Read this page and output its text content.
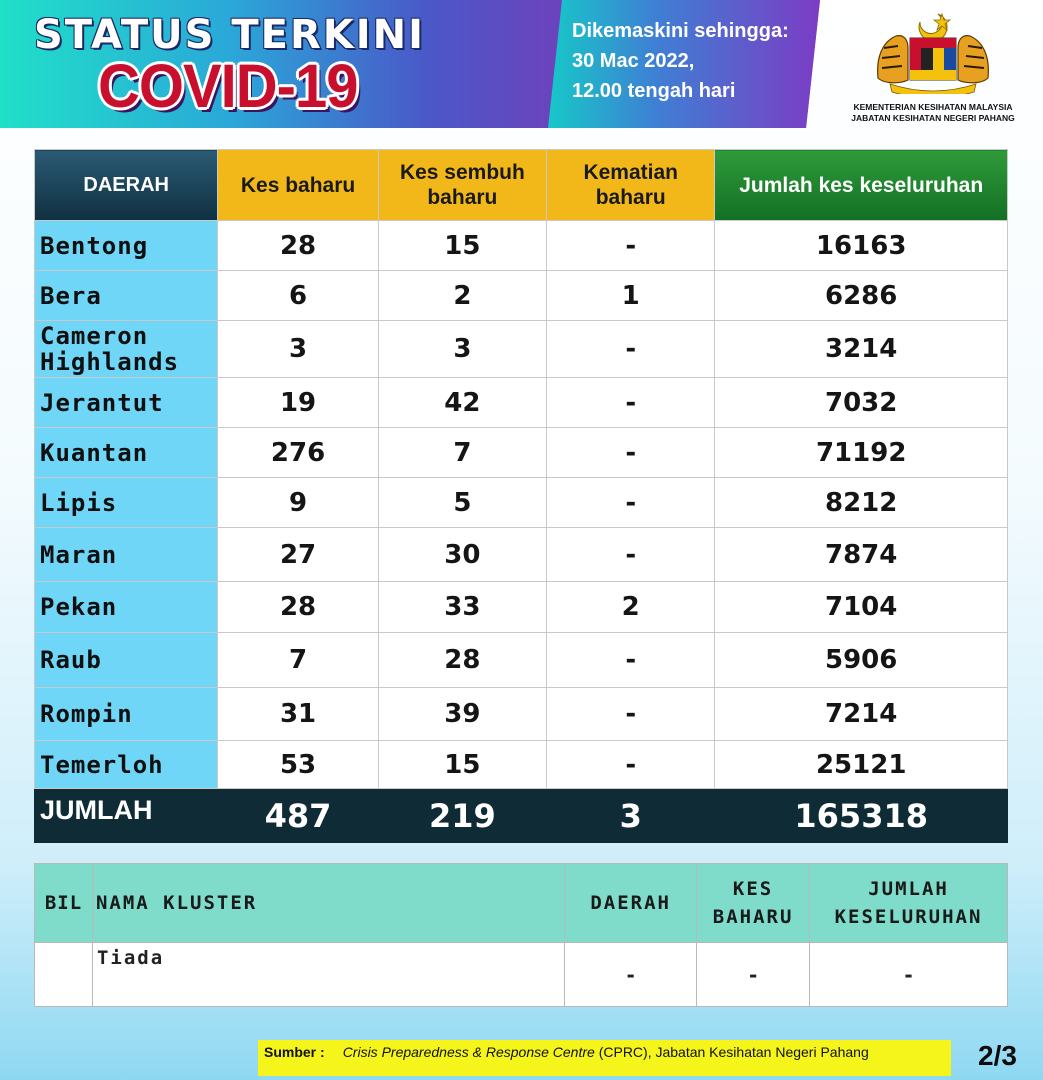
STATUS TERKINI
COVID-19
Dikemaskini sehingga:
30 Mac 2022,
12.00 tengah hari
KEMENTERIAN KESIHATAN MALAYSIA
JABATAN KESIHATAN NEGERI PAHANG
DAERAH	Kes baharu	Kes sembuh baharu	Kematian baharu	Jumlah kes keseluruhan
Bentong	28	15	-	16163
Bera	6	2	1	6286
Cameron Highlands	3	3	-	3214
Jerantut	19	42	-	7032
Kuantan	276	7	-	71192
Lipis	9	5	-	8212
Maran	27	30	-	7874
Pekan	28	33	2	7104
Raub	7	28	-	5906
Rompin	31	39	-	7214
Temerloh	53	15	-	25121
JUMLAH	487	219	3	165318
BIL	NAMA KLUSTER	DAERAH	KES BAHARU	JUMLAH KESELURUHAN
	Tiada	-	-	-
Sumber : Crisis Preparedness & Response Centre (CPRC), Jabatan Kesihatan Negeri Pahang	2/3
